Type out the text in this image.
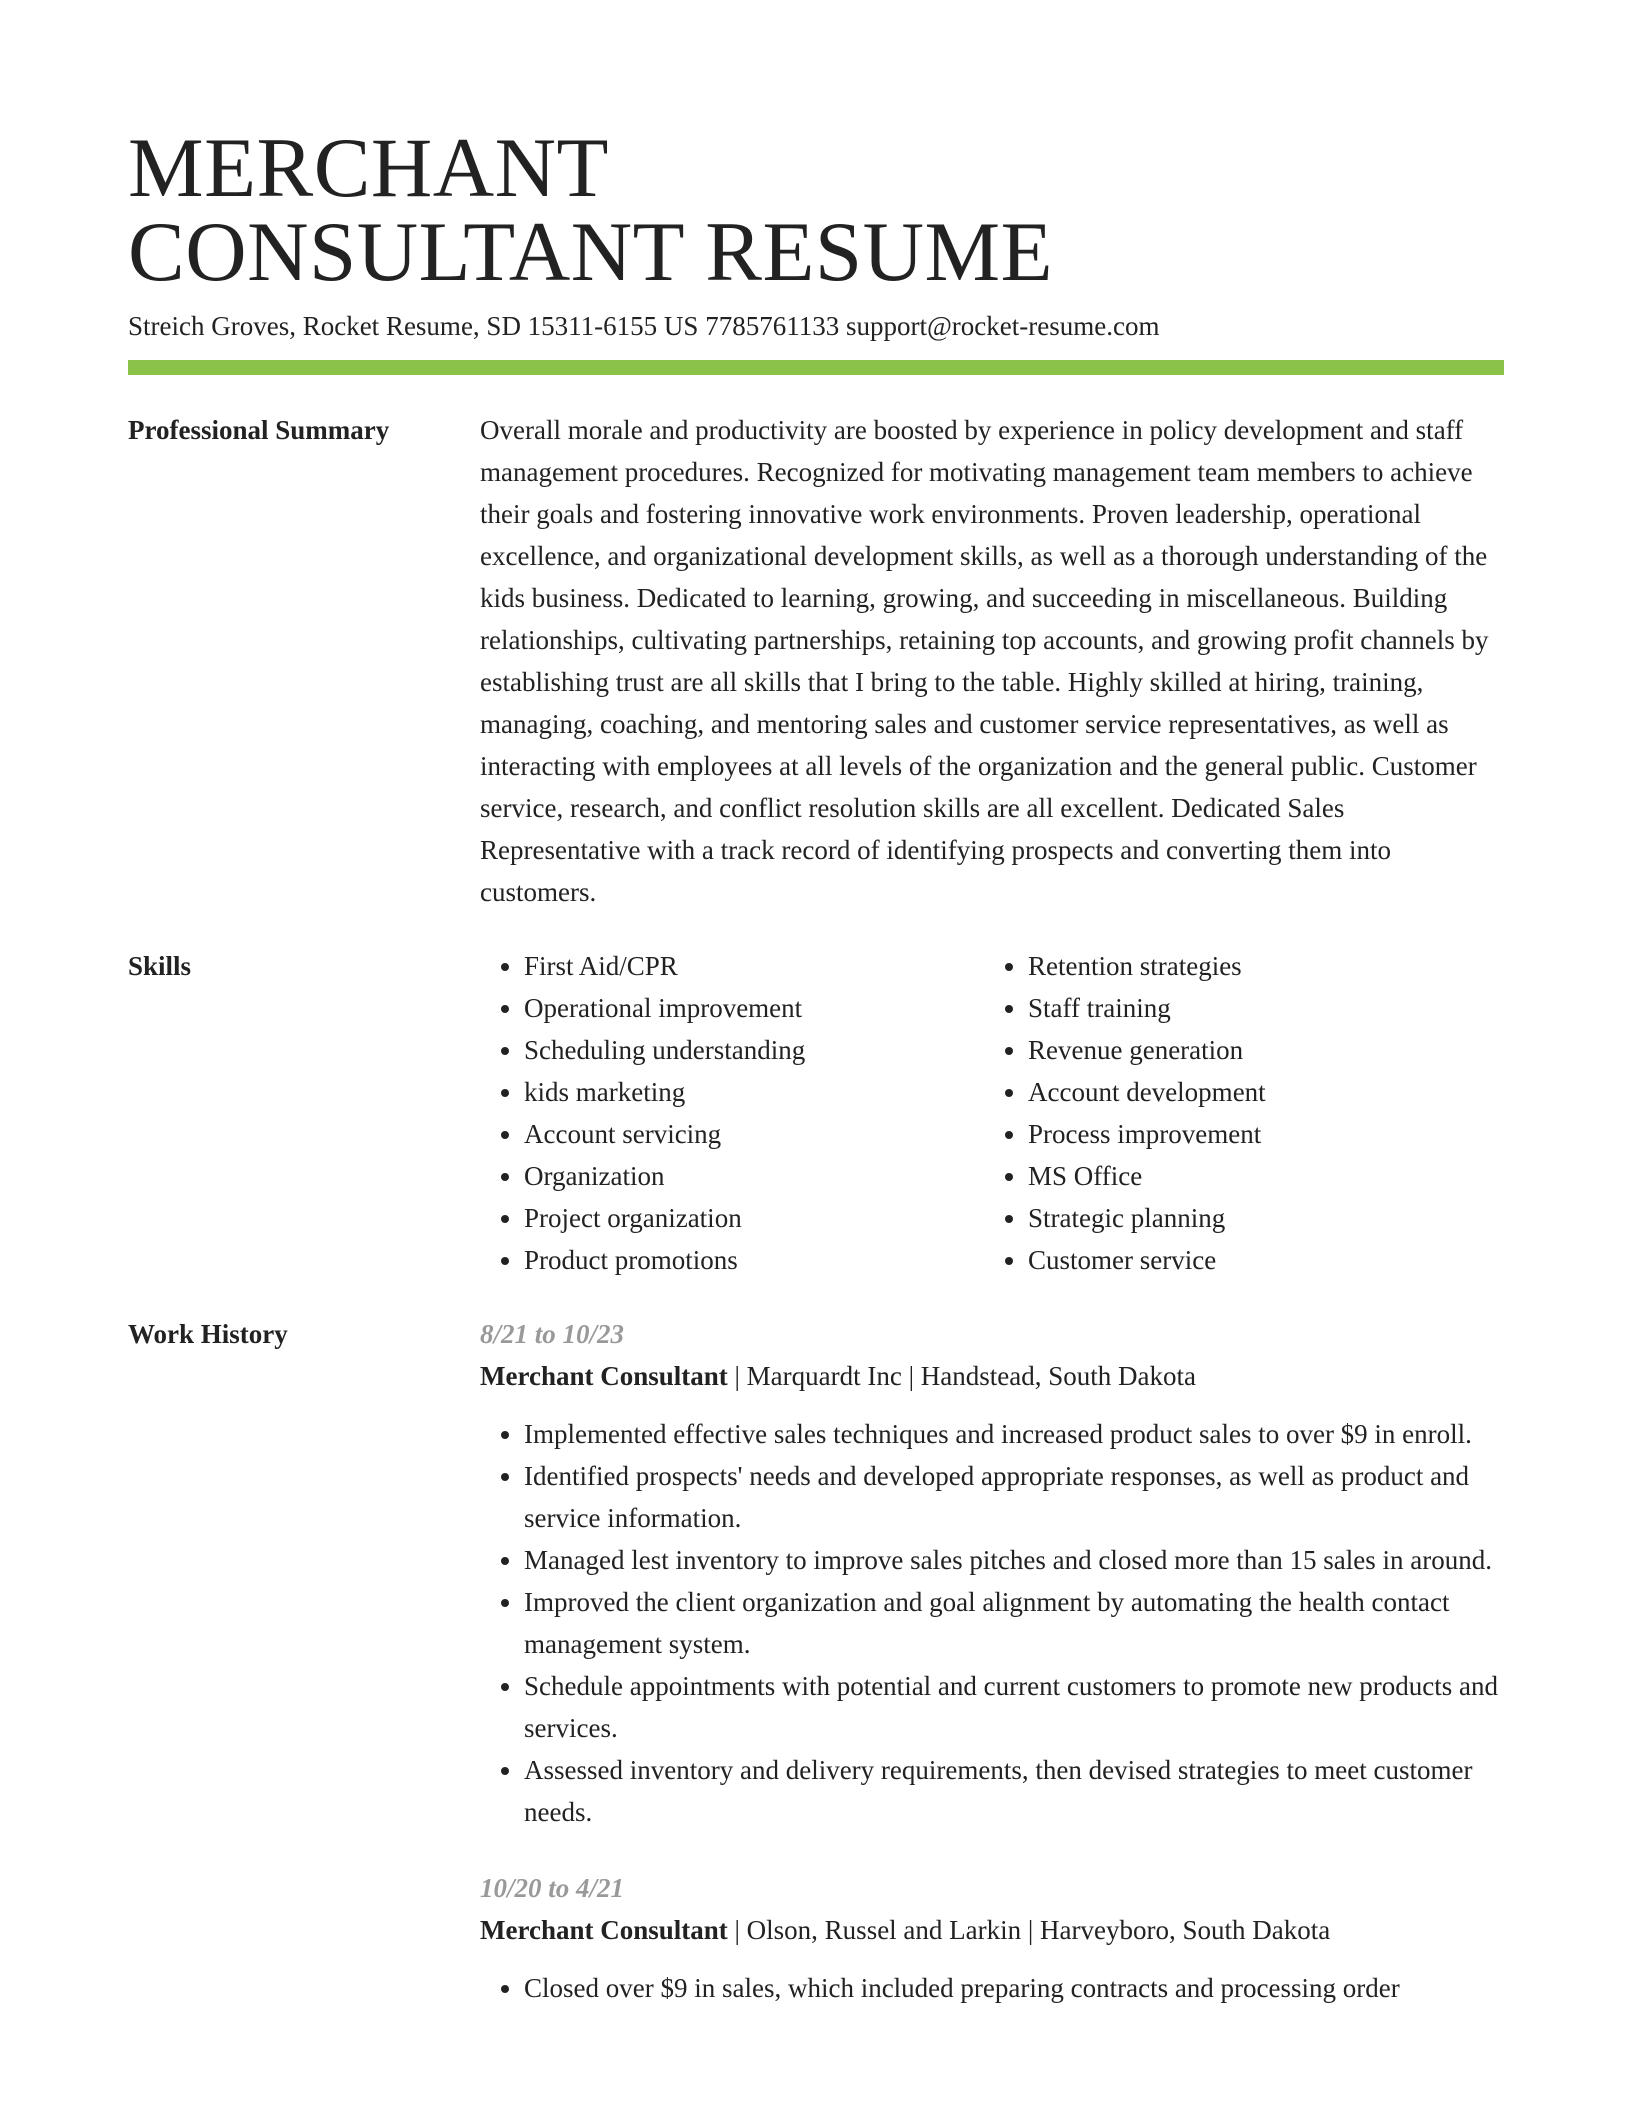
MERCHANT
CONSULTANT RESUME
Streich Groves, Rocket Resume, SD 15311-6155 US 7785761133 support@rocket-resume.com
Professional Summary	Overall morale and productivity are boosted by experience in policy development and staff management procedures. Recognized for motivating management team members to achieve their goals and fostering innovative work environments. Proven leadership, operational excellence, and organizational development skills, as well as a thorough understanding of the kids business. Dedicated to learning, growing, and succeeding in miscellaneous. Building relationships, cultivating partnerships, retaining top accounts, and growing profit channels by establishing trust are all skills that I bring to the table. Highly skilled at hiring, training, managing, coaching, and mentoring sales and customer service representatives, as well as interacting with employees at all levels of the organization and the general public. Customer service, research, and conflict resolution skills are all excellent. Dedicated Sales Representative with a track record of identifying prospects and converting them into customers.
Skills
•	First Aid/CPR
• Operational improvement
• Scheduling understanding
• kids marketing
• Account servicing
• Organization
• Project organization
• Product promotions
• Retention strategies
• Staff training
• Revenue generation
• Account development
• Process improvement
• MS Office
• Strategic planning
• Customer service
Work History	8/21 to 10/23
Merchant Consultant | Marquardt Inc | Handstead, South Dakota
• Implemented effective sales techniques and increased product sales to over $9 in enroll.
• Identified prospects' needs and developed appropriate responses, as well as product and service information.
• Managed lest inventory to improve sales pitches and closed more than 15 sales in around.
• Improved the client organization and goal alignment by automating the health contact management system.
• Schedule appointments with potential and current customers to promote new products and services.
• Assessed inventory and delivery requirements, then devised strategies to meet customer needs.
10/20 to 4/21
Merchant Consultant | Olson, Russel and Larkin | Harveyboro, South Dakota
• Closed over $9 in sales, which included preparing contracts and processing order
